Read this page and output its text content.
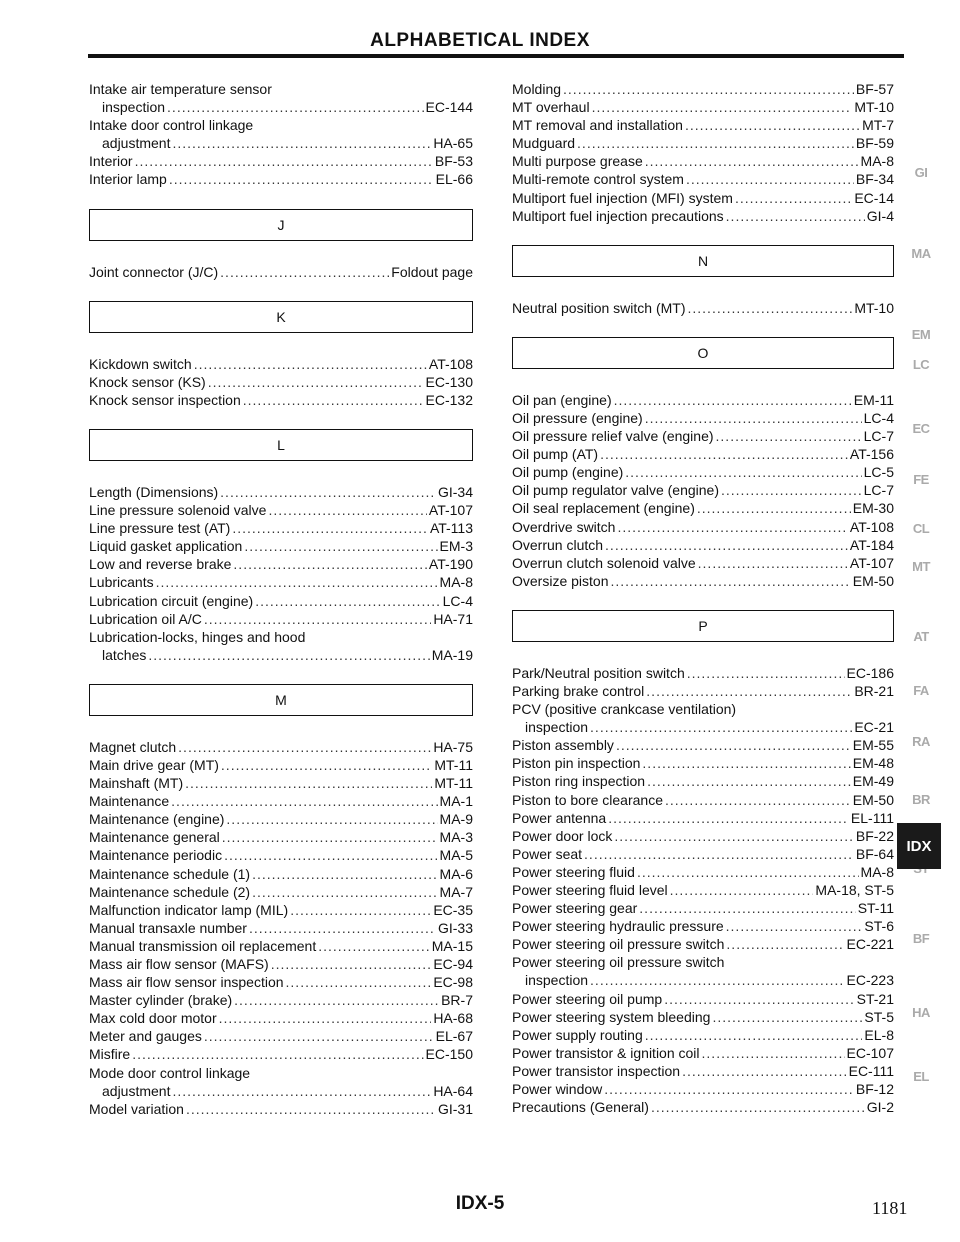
ALPHABETICAL INDEX
Intake air temperature sensor
inspection .....	EC-144
Intake door control linkage
adjustment .....	HA-65
Interior .....	BF-53
Interior lamp .....	EL-66
J
Joint connector (J/C) .....	Foldout page
K
Kickdown switch .....	AT-108
Knock sensor (KS) .....	EC-130
Knock sensor inspection .....	EC-132
L
Length (Dimensions) .....	GI-34
Line pressure solenoid valve .....	AT-107
Line pressure test (AT) .....	AT-113
Liquid gasket application .....	EM-3
Low and reverse brake .....	AT-190
Lubricants .....	MA-8
Lubrication circuit (engine) .....	LC-4
Lubrication oil A/C .....	HA-71
Lubrication-locks, hinges and hood
latches .....	MA-19
M
Magnet clutch .....	HA-75
Main drive gear (MT) .....	MT-11
Mainshaft (MT) .....	MT-11
Maintenance .....	MA-1
Maintenance (engine) .....	MA-9
Maintenance general .....	MA-3
Maintenance periodic .....	MA-5
Maintenance schedule (1) .....	MA-6
Maintenance schedule (2) .....	MA-7
Malfunction indicator lamp (MIL) .....	EC-35
Manual transaxle number .....	GI-33
Manual transmission oil replacement .....	MA-15
Mass air flow sensor (MAFS) .....	EC-94
Mass air flow sensor inspection .....	EC-98
Master cylinder (brake) .....	BR-7
Max cold door motor .....	HA-68
Meter and gauges .....	EL-67
Misfire .....	EC-150
Mode door control linkage
adjustment .....	HA-64
Model variation .....	GI-31
Molding .....	BF-57
MT overhaul .....	MT-10
MT removal and installation .....	MT-7
Mudguard .....	BF-59
Multi purpose grease .....	MA-8
Multi-remote control system .....	BF-34
Multiport fuel injection (MFI) system .....	EC-14
Multiport fuel injection precautions .....	GI-4
N
Neutral position switch (MT) .....	MT-10
O
Oil pan (engine) .....	EM-11
Oil pressure (engine) .....	LC-4
Oil pressure relief valve (engine) .....	LC-7
Oil pump (AT) .....	AT-156
Oil pump (engine) .....	LC-5
Oil pump regulator valve (engine) .....	LC-7
Oil seal replacement (engine) .....	EM-30
Overdrive switch .....	AT-108
Overrun clutch .....	AT-184
Overrun clutch solenoid valve .....	AT-107
Oversize piston .....	EM-50
P
Park/Neutral position switch .....	EC-186
Parking brake control .....	BR-21
PCV (positive crankcase ventilation)
inspection .....	EC-21
Piston assembly .....	EM-55
Piston pin inspection .....	EM-48
Piston ring inspection .....	EM-49
Piston to bore clearance .....	EM-50
Power antenna .....	EL-111
Power door lock .....	BF-22
Power seat .....	BF-64
Power steering fluid .....	MA-8
Power steering fluid level .....	MA-18, ST-5
Power steering gear .....	ST-11
Power steering hydraulic pressure .....	ST-6
Power steering oil pressure switch .....	EC-221
Power steering oil pressure switch
inspection .....	EC-223
Power steering oil pump .....	ST-21
Power steering system bleeding .....	ST-5
Power supply routing .....	EL-8
Power transistor & ignition coil .....	EC-107
Power transistor inspection .....	EC-111
Power window .....	BF-12
Precautions (General) .....	GI-2
GI
MA
EM
LC
EC
FE
CL
MT
AT
FA
RA
BR
BF
HA
EL
IDX
IDX-5	1181
